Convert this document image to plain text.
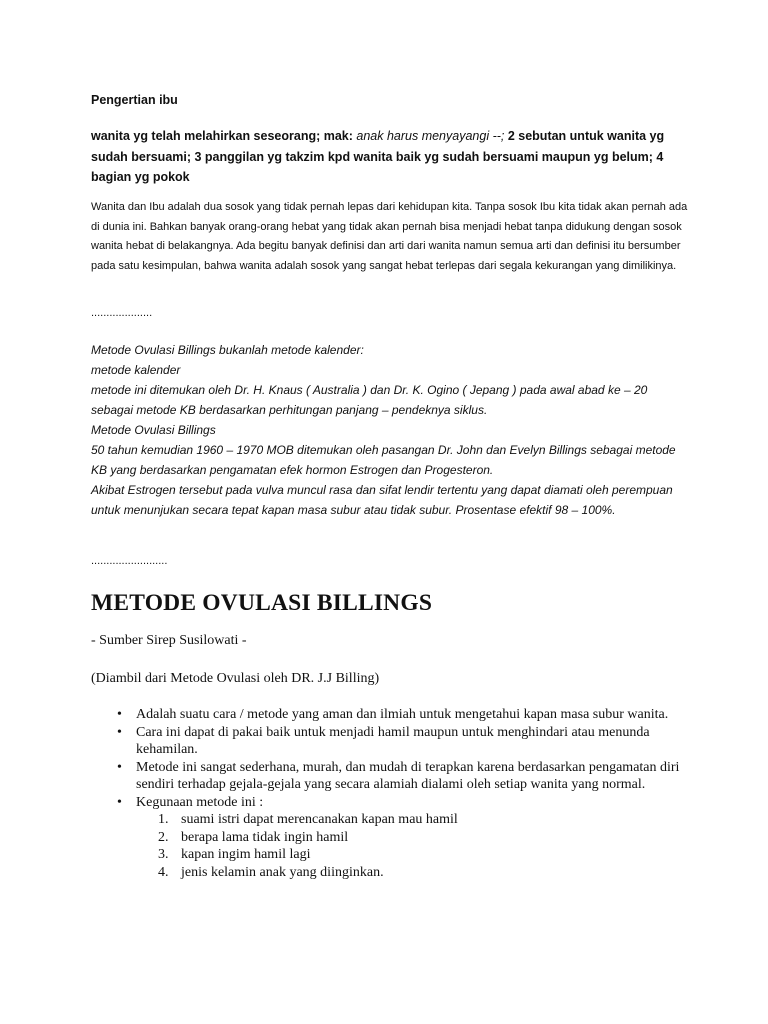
Pengertian ibu
wanita yg telah melahirkan seseorang; mak: anak harus menyayangi --; 2 sebutan untuk wanita yg sudah bersuami; 3 panggilan yg takzim kpd wanita baik yg sudah bersuami maupun yg belum; 4 bagian yg pokok
Wanita dan Ibu adalah dua sosok yang tidak pernah lepas dari kehidupan kita. Tanpa sosok Ibu kita tidak akan pernah ada di dunia ini. Bahkan banyak orang-orang hebat yang tidak akan pernah bisa menjadi hebat tanpa didukung dengan sosok wanita hebat di belakangnya. Ada begitu banyak definisi dan arti dari wanita namun semua arti dan definisi itu bersumber pada satu kesimpulan, bahwa wanita adalah sosok yang sangat hebat terlepas dari segala kekurangan yang dimilikinya.
....................
Metode Ovulasi Billings bukanlah metode kalender:
metode kalender
metode ini ditemukan oleh Dr. H. Knaus ( Australia ) dan Dr. K. Ogino ( Jepang ) pada awal abad ke – 20 sebagai metode KB berdasarkan perhitungan panjang – pendeknya siklus.
Metode Ovulasi Billings
50 tahun kemudian 1960 – 1970 MOB ditemukan oleh pasangan Dr. John dan Evelyn Billings sebagai metode KB yang berdasarkan pengamatan efek hormon Estrogen dan Progesteron.
Akibat Estrogen tersebut pada vulva muncul rasa dan sifat lendir tertentu yang dapat diamati oleh perempuan untuk menunjukan secara tepat kapan masa subur atau tidak subur. Prosentase efektif 98 – 100%.
.........................
METODE OVULASI BILLINGS
- Sumber Sirep Susilowati -
(Diambil dari Metode Ovulasi oleh DR. J.J Billing)
• Adalah suatu cara / metode yang aman dan ilmiah untuk mengetahui kapan masa subur wanita.
• Cara ini dapat di pakai baik untuk menjadi hamil maupun untuk menghindari atau menunda kehamilan.
• Metode ini sangat sederhana, murah, dan mudah di terapkan karena berdasarkan pengamatan diri sendiri terhadap gejala-gejala yang secara alamiah dialami oleh setiap wanita yang normal.
• Kegunaan metode ini :
1. suami istri dapat merencanakan kapan mau hamil
2. berapa lama tidak ingin hamil
3. kapan ingim hamil lagi
4. jenis kelamin anak yang diinginkan.
